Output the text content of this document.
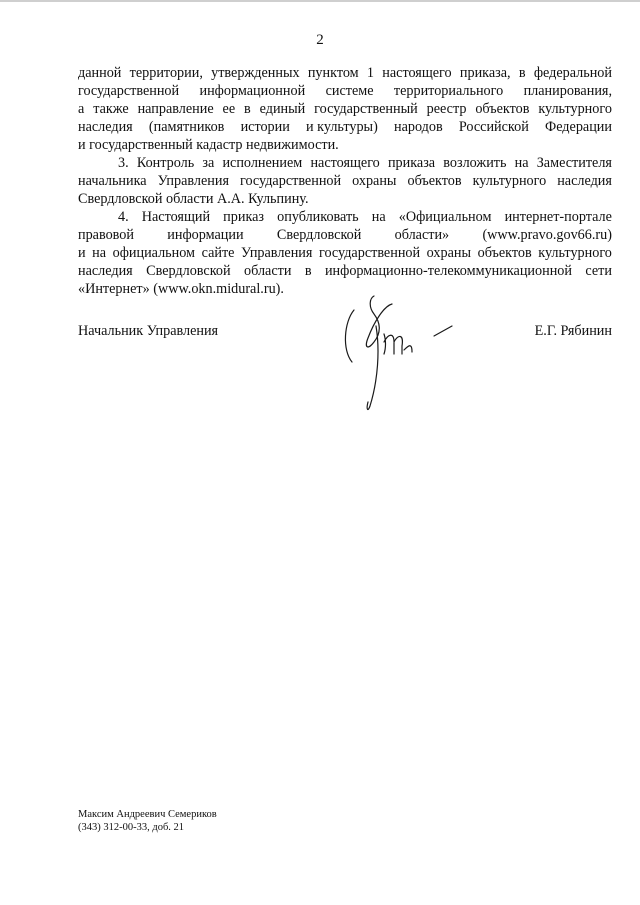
2
данной территории, утвержденных пунктом 1 настоящего приказа, в федеральной
государственной информационной системе территориального планирования,
а также направление ее в единый государственный реестр объектов культурного
наследия (памятников истории и культуры) народов Российской Федерации
и государственный кадастр недвижимости.
3. Контроль за исполнением настоящего приказа возложить на Заместителя
начальника Управления государственной охраны объектов культурного наследия
Свердловской области А.А. Кульпину.
4. Настоящий приказ опубликовать на «Официальном интернет-портале
правовой информации Свердловской области» (www.pravo.gov66.ru)
и на официальном сайте Управления государственной охраны объектов культурного
наследия Свердловской области в информационно-телекоммуникационной сети
«Интернет» (www.okn.midural.ru).
Начальник Управления	Е.Г. Рябинин
Максим Андреевич Семериков
(343) 312-00-33, доб. 21
